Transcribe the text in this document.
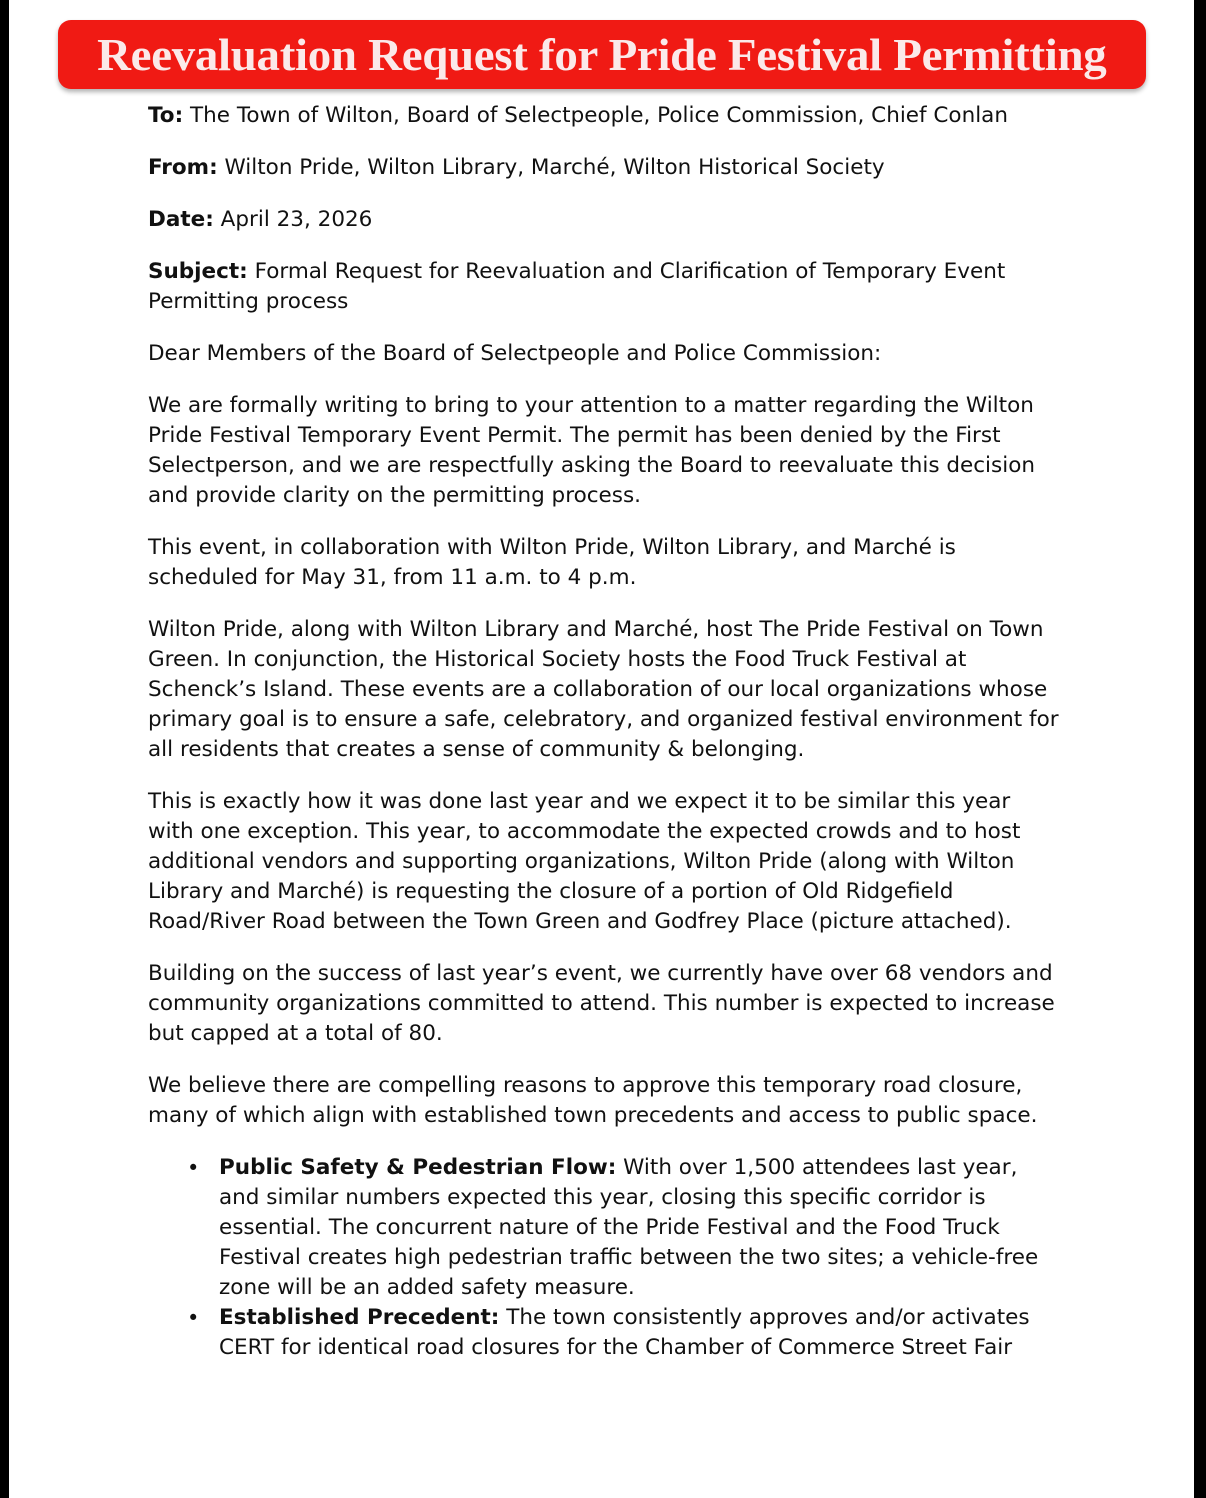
Reevaluation Request for Pride Festival Permitting

To: The Town of Wilton, Board of Selectpeople, Police Commission, Chief Conlan

From: Wilton Pride, Wilton Library, Marché, Wilton Historical Society

Date: April 23, 2026

Subject: Formal Request for Reevaluation and Clarification of Temporary Event Permitting process

Dear Members of the Board of Selectpeople and Police Commission:

We are formally writing to bring to your attention to a matter regarding the Wilton Pride Festival Temporary Event Permit. The permit has been denied by the First Selectperson, and we are respectfully asking the Board to reevaluate this decision and provide clarity on the permitting process.

This event, in collaboration with Wilton Pride, Wilton Library, and Marché is scheduled for May 31, from 11 a.m. to 4 p.m.

Wilton Pride, along with Wilton Library and Marché, host The Pride Festival on Town Green. In conjunction, the Historical Society hosts the Food Truck Festival at Schenck’s Island. These events are a collaboration of our local organizations whose primary goal is to ensure a safe, celebratory, and organized festival environment for all residents that creates a sense of community & belonging.

This is exactly how it was done last year and we expect it to be similar this year with one exception. This year, to accommodate the expected crowds and to host additional vendors and supporting organizations, Wilton Pride (along with Wilton Library and Marché) is requesting the closure of a portion of Old Ridgefield Road/River Road between the Town Green and Godfrey Place (picture attached).

Building on the success of last year’s event, we currently have over 68 vendors and community organizations committed to attend. This number is expected to increase but capped at a total of 80.

We believe there are compelling reasons to approve this temporary road closure, many of which align with established town precedents and access to public space.

• Public Safety & Pedestrian Flow: With over 1,500 attendees last year, and similar numbers expected this year, closing this specific corridor is essential. The concurrent nature of the Pride Festival and the Food Truck Festival creates high pedestrian traffic between the two sites; a vehicle-free zone will be an added safety measure.
• Established Precedent: The town consistently approves and/or activates CERT for identical road closures for the Chamber of Commerce Street Fair
